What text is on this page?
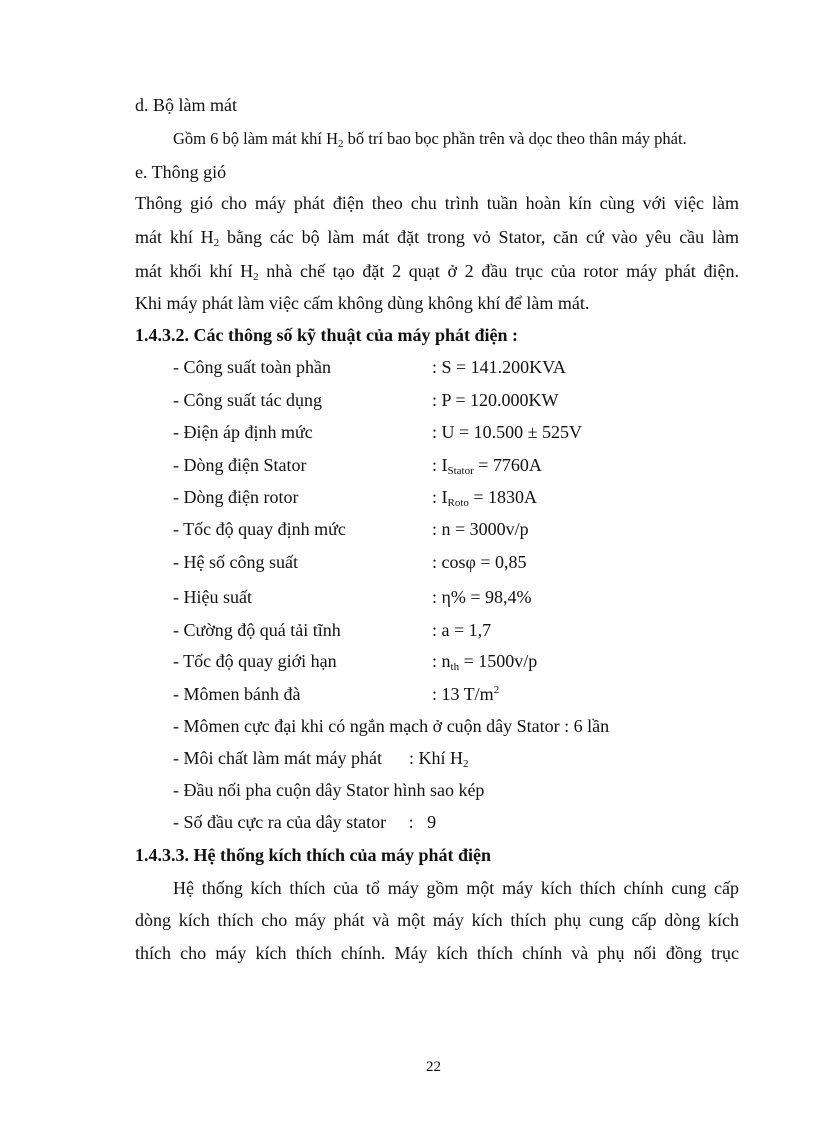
d. Bộ làm mát
Gồm 6 bộ làm mát khí $H_2$ bố trí bao bọc phần trên và dọc theo thân máy phát.
e. Thông gió
Thông gió cho máy phát điện theo chu trình tuần hoàn kín cùng với việc làm
mát khí $H_2$ bằng các bộ làm mát đặt trong vỏ Stator, căn cứ vào yêu cầu làm
mát khối khí $H_2$ nhà chế tạo đặt 2 quạt ở 2 đầu trục của rotor máy phát điện.
Khi máy phát làm việc cấm không dùng không khí để làm mát.
1.4.3.2. Các thông số kỹ thuật của máy phát điện :
- Công suất toàn phần	: S = 141.200KVA
- Công suất tác dụng	: P = 120.000KW
- Điện áp định mức	: U = 10.500 ± 525V
- Dòng điện Stator	: $I_{Stator} = 7760A$
- Dòng điện rotor	: $I_{Roto} = 1830A$
- Tốc độ quay định mức	: n = 3000v/p
- Hệ số công suất	: cosφ = 0,85
- Hiệu suất	: η% = 98,4%
- Cường độ quá tải tĩnh	: a = 1,7
- Tốc độ quay giới hạn	: $n_{th} = 1500v/p$
- Mômen bánh đà	: 13 $T/m^2$
- Mômen cực đại khi có ngắn mạch ở cuộn dây Stator : 6 lần
- Môi chất làm mát máy phát      : Khí $H_2$
- Đầu nối pha cuộn dây Stator hình sao kép
- Số đầu cực ra của dây stator     :   9
1.4.3.3. Hệ thống kích thích của máy phát điện
Hệ thống kích thích của tổ máy gồm một máy kích thích chính cung cấp
dòng kích thích cho máy phát và một máy kích thích phụ cung cấp dòng kích
thích cho máy kích thích chính. Máy kích thích chính và phụ nối đồng trục
22
